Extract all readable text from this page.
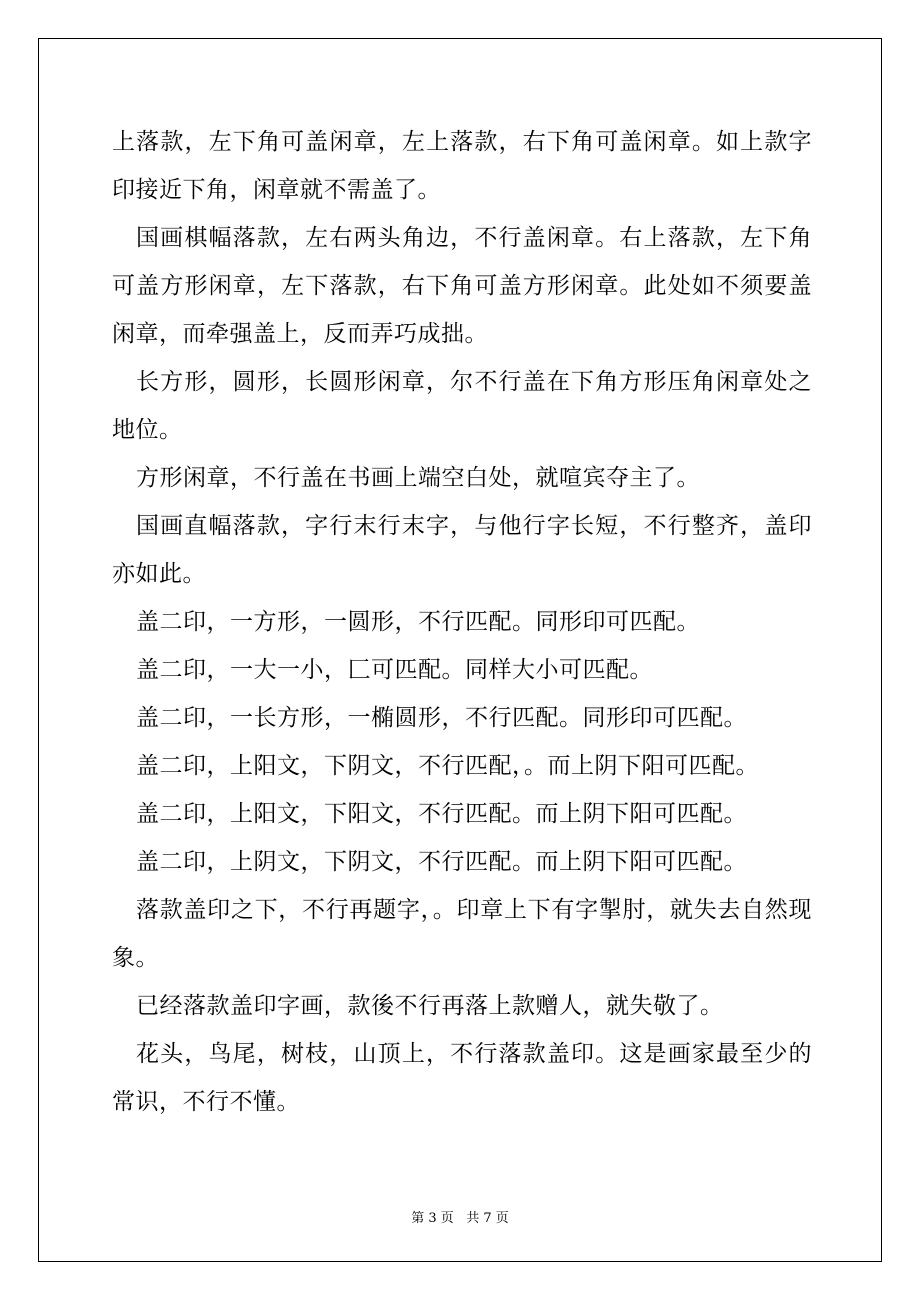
上落款，左下角可盖闲章，左上落款，右下角可盖闲章。如上款字印接近下角，闲章就不需盖了。

国画棋幅落款，左右两头角边，不行盖闲章。右上落款，左下角可盖方形闲章，左下落款，右下角可盖方形闲章。此处如不须要盖闲章，而牵强盖上，反而弄巧成拙。

长方形，圆形，长圆形闲章，尔不行盖在下角方形压角闲章处之地位。

方形闲章，不行盖在书画上端空白处，就喧宾夺主了。

国画直幅落款，字行末行末字，与他行字长短，不行整齐，盖印亦如此。

盖二印，一方形，一圆形，不行匹配。同形印可匹配。

盖二印，一大一小，匚可匹配。同样大小可匹配。

盖二印，一长方形，一椭圆形，不行匹配。同形印可匹配。

盖二印，上阳文，下阴文，不行匹配，。而上阴下阳可匹配。

盖二印，上阳文，下阳文，不行匹配。而上阴下阳可匹配。

盖二印，上阴文，下阴文，不行匹配。而上阴下阳可匹配。

落款盖印之下，不行再题字，。印章上下有字掣肘，就失去自然现象。

已经落款盖印字画，款後不行再落上款赠人，就失敬了。

花头，鸟尾，树枝，山顶上，不行落款盖印。这是画家最至少的常识，不行不懂。

第 3 页   共 7 页
